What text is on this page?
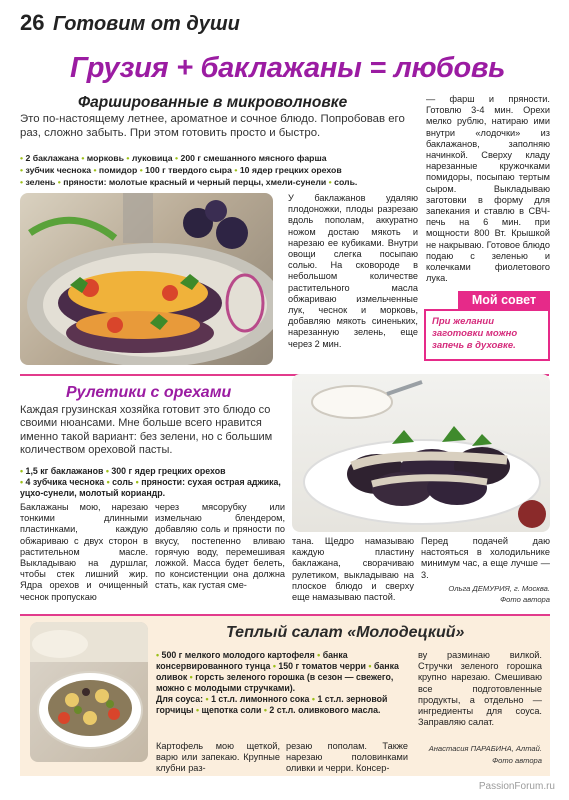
26 Готовим от души
Грузия + баклажаны = любовь
Фаршированные в микроволновке
Это по-настоящему летнее, ароматное и сочное блюдо. Попробовав его раз, сложно забыть. При этом готовить просто и быстро.
• 2 баклажана • морковь • луковица • 200 г смешанного мясного фарша
• зубчик чеснока • помидор • 100 г твердого сыра • 10 ядер грецких орехов
• зелень • пряности: молотые красный и черный перцы, хмели-сунели • соль.
У баклажанов удаляю плодоножки, плоды разрезаю вдоль пополам, аккуратно ножом достаю мякоть и нарезаю ее кубиками. Внутри овощи слегка посыпаю солью. На сковороде в небольшом количестве растительного масла обжариваю измельченные лук, чеснок и морковь, добавляю мякоть синеньких, нарезанную зелень, еще через 2 мин.
— фарш и пряности. Готовлю 3-4 мин. Орехи мелко рублю, натираю ими внутри «лодочки» из баклажанов, заполняю начинкой. Сверху кладу нарезанные кружочками помидоры, посыпаю тертым сыром. Выкладываю заготовки в форму для запекания и ставлю в СВЧ-печь на 6 мин. при мощности 800 Вт. Крышкой не накрываю. Готовое блюдо подаю с зеленью и колечками фиолетового лука.
Мой совет
При желании заготовки можно запечь в духовке.
Рулетики с орехами
Каждая грузинская хозяйка готовит это блюдо со своими нюансами. Мне больше всего нравится именно такой вариант: без зелени, но с большим количеством ореховой пасты.
• 1,5 кг баклажанов • 300 г ядер грецких орехов
• 4 зубчика чеснока • соль • пряности: сухая острая аджика, уцхо-сунели, молотый кориандр.
Баклажаны мою, нарезаю тонкими длинными пластинками, каждую обжариваю с двух сторон в растительном масле. Выкладываю на дуршлаг, чтобы стек лишний жир. Ядра орехов и очищенный чеснок пропускаю
через мясорубку или измельчаю блендером, добавляю соль и пряности по вкусу, постепенно вливаю горячую воду, перемешивая ложкой. Масса будет белеть, по консистенции она должна стать, как густая сме-
тана. Щедро намазываю каждую пластину баклажана, сворачиваю рулетиком, выкладываю на плоское блюдо и сверху еще намазываю пастой.
Перед подачей даю настояться в холодильнике минимум час, а еще лучше — 3.
Ольга ДЕМУРИЯ, г. Москва.
Фото автора
Теплый салат «Молодецкий»
• 500 г мелкого молодого картофеля • банка консервированного тунца • 150 г томатов черри • банка оливок • горсть зеленого горошка (в сезон — свежего, можно с молодыми стручками).
Для соуса: • 1 ст.л. лимонного сока • 1 ст.л. зерновой горчицы • щепотка соли • 2 ст.л. оливкового масла.
Картофель мою щеткой, варю или запекаю. Крупные клубни раз-
резаю пополам. Также нарезаю половинками оливки и черри. Консер-
ву разминаю вилкой. Стручки зеленого горошка крупно нарезаю. Смешиваю все подготовленные продукты, а отдельно — ингредиенты для соуса. Заправляю салат.
Анастасия ПАРАБИНА, Алтай.
Фото автора
PassionForum.ru
